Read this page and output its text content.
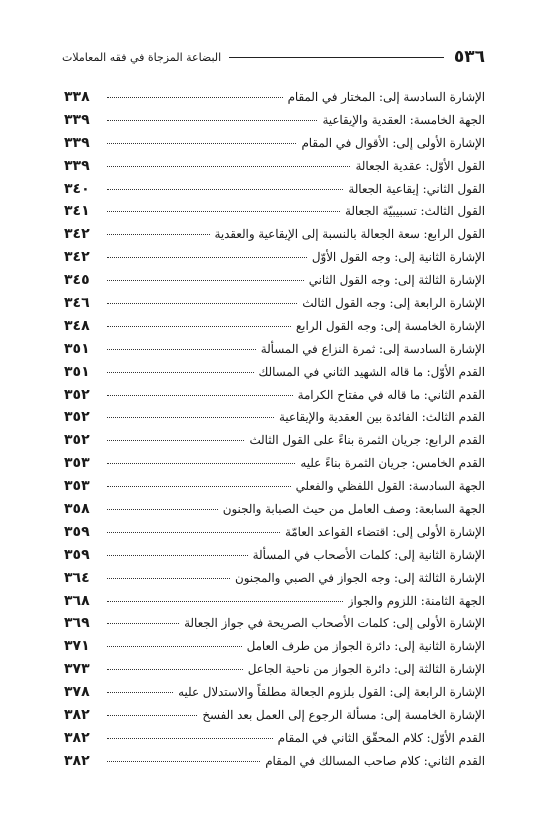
٥٣٦
البضاعة المزجاة في فقه المعاملات
الإشارة السادسة إلى: المختار في المقام
٣٣٨
الجهة الخامسة: العقدية والإيقاعية
٣٣٩
الإشارة الأولى إلى: الأقوال في المقام
٣٣٩
القول الأوّل: عقدية الجعالة
٣٣٩
القول الثاني: إيقاعية الجعالة
٣٤٠
القول الثالث: تسبيبيّة الجعالة
٣٤١
القول الرابع: سعة الجعالة بالنسبة إلى الإيقاعية والعقدية
٣٤٢
الإشارة الثانية إلى: وجه القول الأوّل
٣٤٢
الإشارة الثالثة إلى: وجه القول الثاني
٣٤٥
الإشارة الرابعة إلى: وجه القول الثالث
٣٤٦
الإشارة الخامسة إلى: وجه القول الرابع
٣٤٨
الإشارة السادسة إلى: ثمرة النزاع في المسألة
٣٥١
القدم الأوّل: ما قاله الشهيد الثاني في المسالك
٣٥١
القدم الثاني: ما قاله في مفتاح الكرامة
٣٥٢
القدم الثالث: الفائدة بين العقدية والإيقاعية
٣٥٢
القدم الرابع: جريان الثمرة بناءً على القول الثالث
٣٥٢
القدم الخامس: جريان الثمرة بناءً عليه
٣٥٣
الجهة السادسة: القول اللفظي والفعلي
٣٥٣
الجهة السابعة: وصف العامل من حيث الصبابة والجنون
٣٥٨
الإشارة الأولى إلى: اقتضاء القواعد العامّة
٣٥٩
الإشارة الثانية إلى: كلمات الأصحاب في المسألة
٣٥٩
الإشارة الثالثة إلى: وجه الجواز في الصبي والمجنون
٣٦٤
الجهة الثامنة: اللزوم والجواز
٣٦٨
الإشارة الأولى إلى: كلمات الأصحاب الصريحة في جواز الجعالة
٣٦٩
الإشارة الثانية إلى: دائرة الجواز من طرف العامل
٣٧١
الإشارة الثالثة إلى: دائرة الجواز من ناحية الجاعل
٣٧٣
الإشارة الرابعة إلى: القول بلزوم الجعالة مطلقاً والاستدلال عليه
٣٧٨
الإشارة الخامسة إلى: مسألة الرجوع إلى العمل بعد الفسخ
٣٨٢
القدم الأوّل: كلام المحقّق الثاني في المقام
٣٨٢
القدم الثاني: كلام صاحب المسالك في المقام
٣٨٢
